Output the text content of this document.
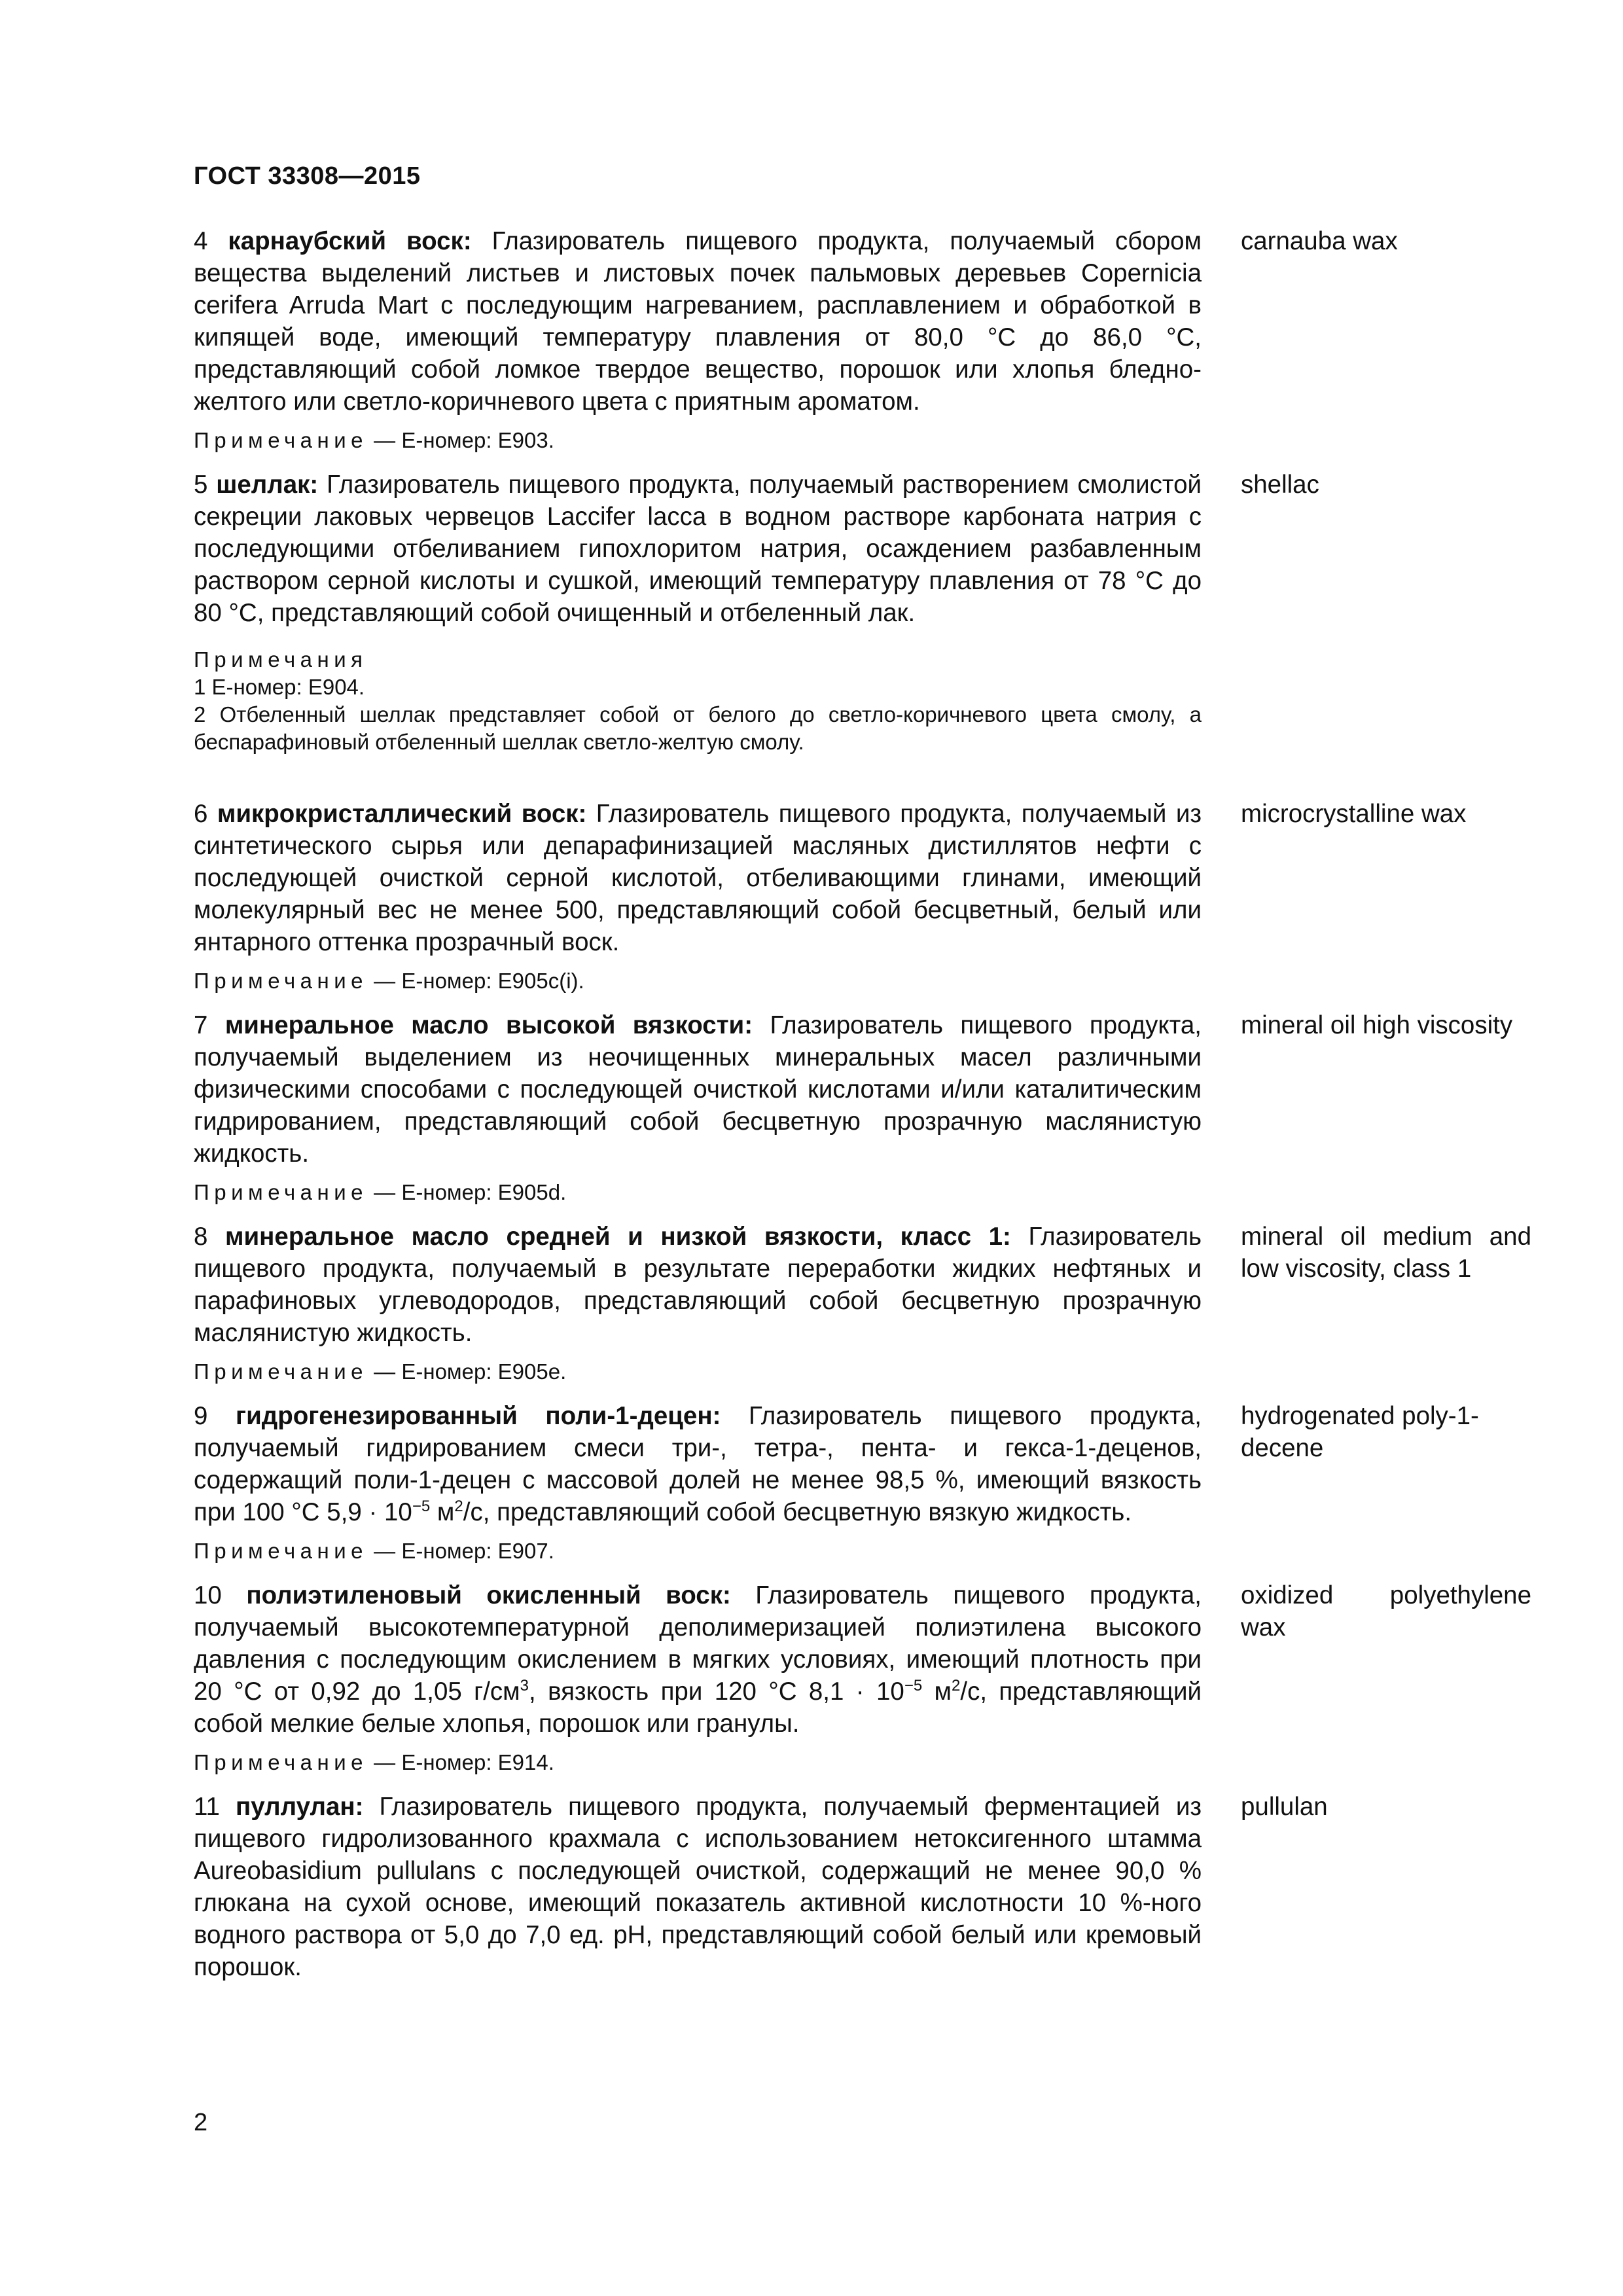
ГОСТ 33308—2015
4 карнаубский воск: Глазирователь пищевого продукта, получаемый сбором вещества выделений листьев и листовых почек пальмовых деревьев Copernicia cerifera Arruda Mart с последующим нагреванием, расплавлением и обработкой в кипящей воде, имеющий температуру плавления от 80,0 °С до 86,0 °С, представляющий собой ломкое твердое вещество, порошок или хлопья бледно-желтого или светло-коричневого цвета с приятным ароматом.
carnauba wax
Примечание — Е-номер: Е903.
5 шеллак: Глазирователь пищевого продукта, получаемый растворением смолистой секреции лаковых червецов Laccifer lacca в водном растворе карбоната натрия с последующими отбеливанием гипохлоритом натрия, осаждением разбавленным раствором серной кислоты и сушкой, имеющий температуру плавления от 78 °С до 80 °С, представляющий собой очищенный и отбеленный лак.
shellac
Примечания
1 Е-номер: Е904.
2 Отбеленный шеллак представляет собой от белого до светло-коричневого цвета смолу, а беспарафиновый отбеленный шеллак светло-желтую смолу.
6 микрокристаллический воск: Глазирователь пищевого продукта, получаемый из синтетического сырья или депарафинизацией масляных дистиллятов нефти с последующей очисткой серной кислотой, отбеливающими глинами, имеющий молекулярный вес не менее 500, представляющий собой бесцветный, белый или янтарного оттенка прозрачный воск.
microcrystalline wax
Примечание — Е-номер: Е905с(i).
7 минеральное масло высокой вязкости: Глазирователь пищевого продукта, получаемый выделением из неочищенных минеральных масел различными физическими способами с последующей очисткой кислотами и/или каталитическим гидрированием, представляющий собой бесцветную прозрачную маслянистую жидкость.
mineral oil high viscosity
Примечание — Е-номер: Е905d.
8 минеральное масло средней и низкой вязкости, класс 1: Глазирователь пищевого продукта, получаемый в результате переработки жидких нефтяных и парафиновых углеводородов, представляющий собой бесцветную прозрачную маслянистую жидкость.
mineral oil medium and low viscosity, class 1
Примечание — Е-номер: Е905е.
9 гидрогенезированный поли-1-децен: Глазирователь пищевого продукта, получаемый гидрированием смеси три-, тетра-, пента- и гекса-1-деценов, содержащий поли-1-децен с массовой долей не менее 98,5 %, имеющий вязкость при 100 °С $5,9 \cdot 10^{-5}$ $м^2/с$, представляющий собой бесцветную вязкую жидкость.
hydrogenated poly-1-decene
Примечание — Е-номер: Е907.
10 полиэтиленовый окисленный воск: Глазирователь пищевого продукта, получаемый высокотемпературной деполимеризацией полиэтилена высокого давления с последующим окислением в мягких условиях, имеющий плотность при 20 °С от 0,92 до 1,05 $г/см^3$, вязкость при 120 °С $8,1 \cdot 10^{-5}$ $м^2/с$, представляющий собой мелкие белые хлопья, порошок или гранулы.
oxidized polyethylene wax
Примечание — Е-номер: Е914.
11 пуллулан: Глазирователь пищевого продукта, получаемый ферментацией из пищевого гидролизованного крахмала с использованием нетоксигенного штамма Aureobasidium pullulans с последующей очисткой, содержащий не менее 90,0 % глюкана на сухой основе, имеющий показатель активной кислотности 10 %-ного водного раствора от 5,0 до 7,0 ед. рН, представляющий собой белый или кремовый порошок.
pullulan
2
